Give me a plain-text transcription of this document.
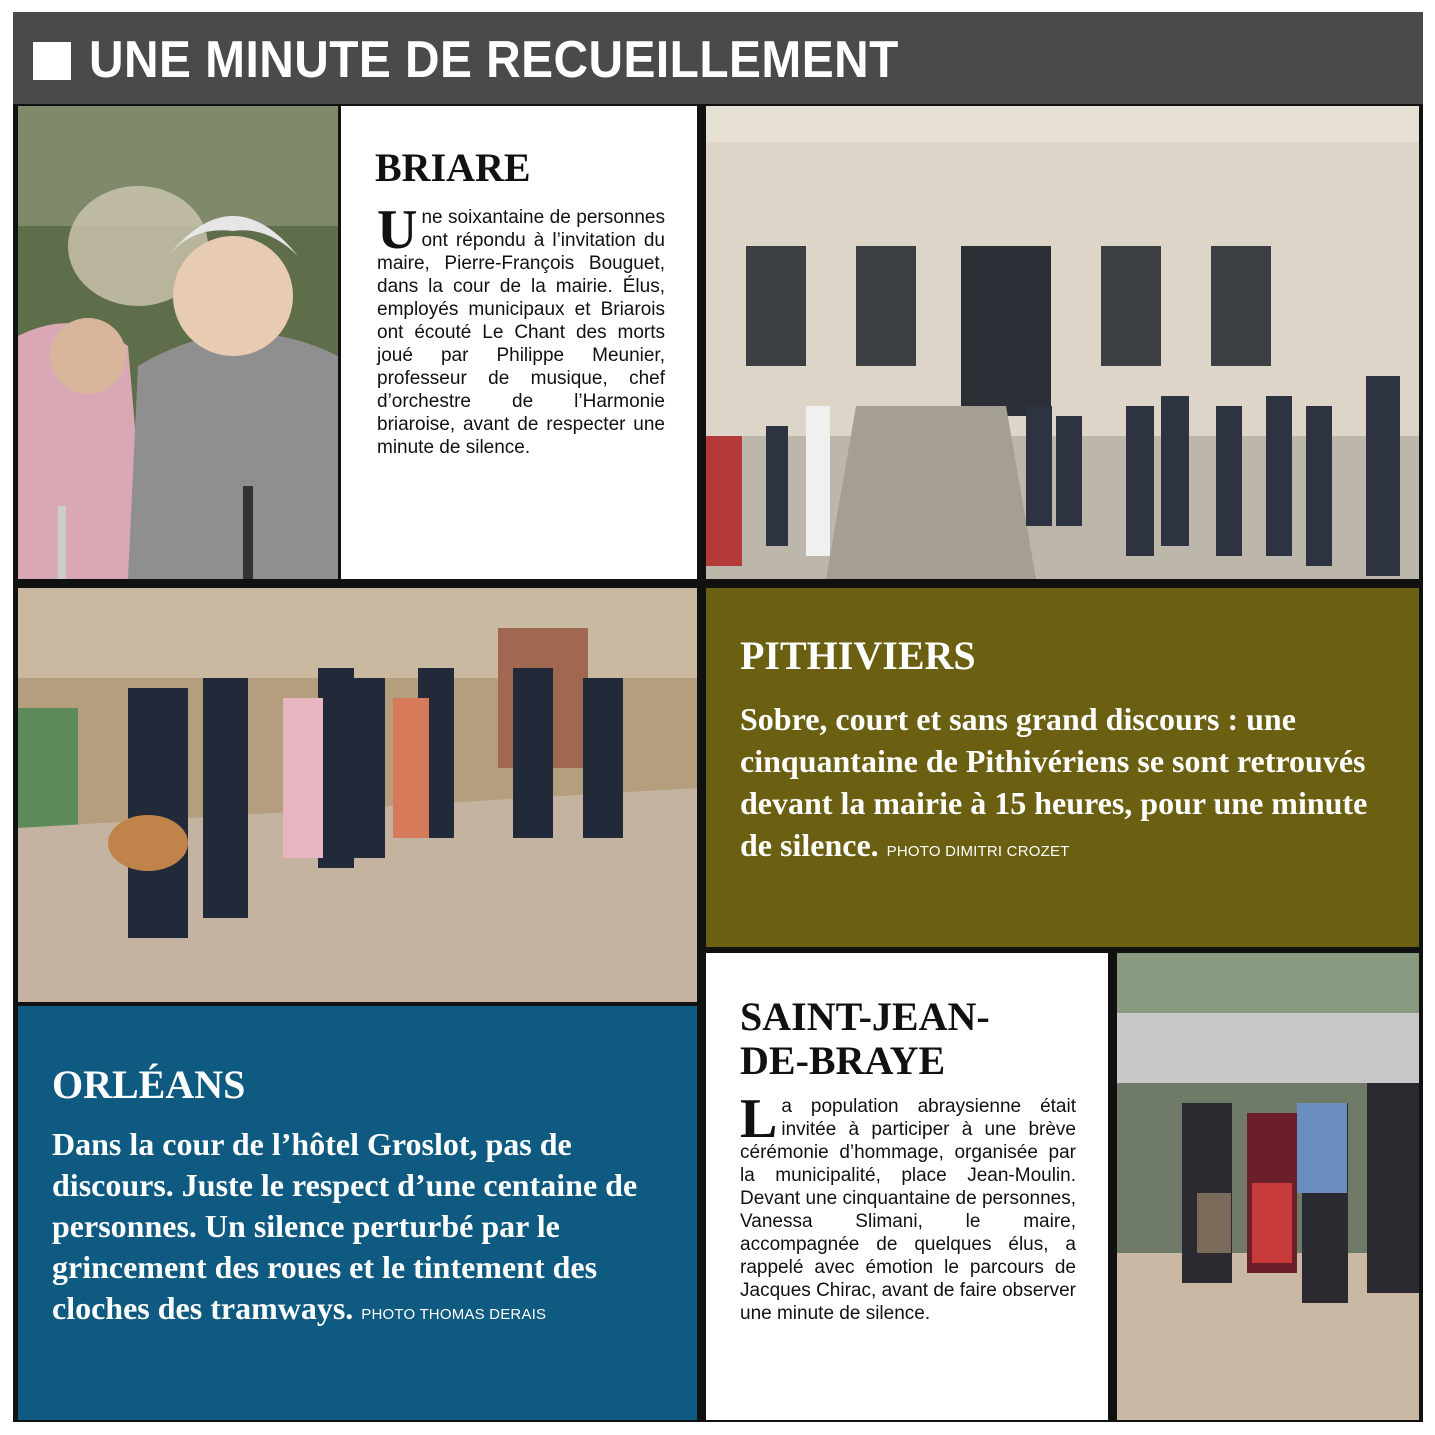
UNE MINUTE DE RECUEILLEMENT
BRIARE
U ne soixantaine de personnes ont répondu à l’invitation du maire, Pierre-François Bouguet, dans la cour de la mairie. Élus, employés municipaux et Briarois ont écouté Le Chant des morts joué par Philippe Meunier, professeur de musique, chef d’orchestre de l’Harmonie briaroise, avant de respecter une minute de silence.
PITHIVIERS
Sobre, court et sans grand discours : une cinquantaine de Pithivériens se sont retrouvés devant la mairie à 15 heures, pour une minute de silence. PHOTO DIMITRI CROZET
ORLÉANS
Dans la cour de l’hôtel Groslot, pas de discours. Juste le respect d’une centaine de personnes. Un silence perturbé par le grincement des roues et le tintement des cloches des tramways. PHOTO THOMAS DERAIS
SAINT-JEAN-
DE-BRAYE
L a population abraysienne était invitée à participer à une brève cérémonie d’hommage, organisée par la municipalité, place Jean-Moulin. Devant une cinquantaine de personnes, Vanessa Slimani, le maire, accompagnée de quelques élus, a rappelé avec émotion le parcours de Jacques Chirac, avant de faire observer une minute de silence.
